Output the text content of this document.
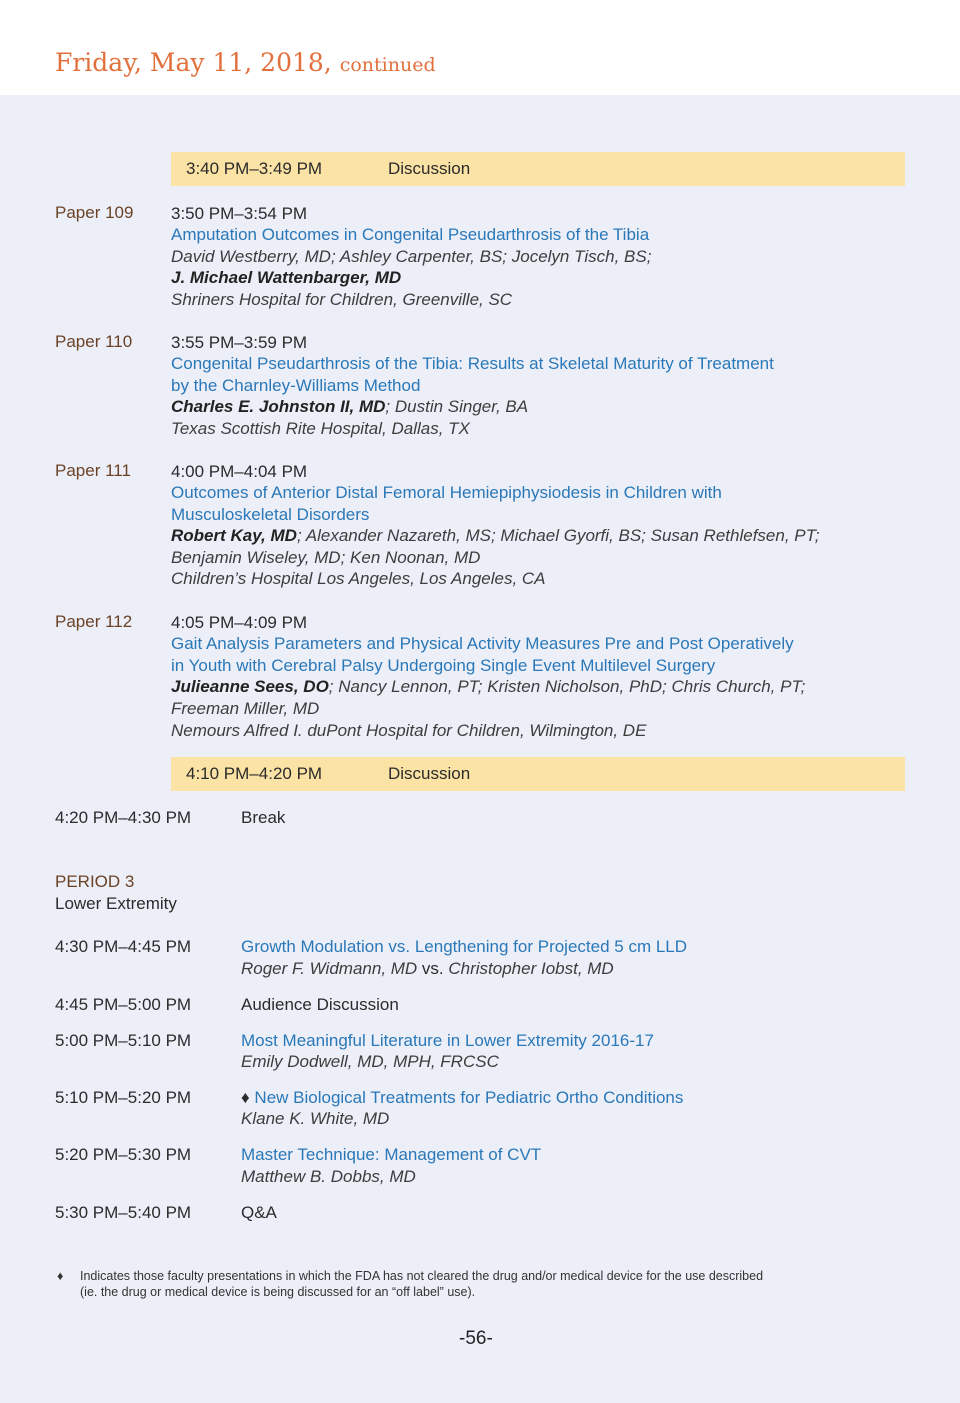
Friday, May 11, 2018, continued
3:40 PM–3:49 PM	Discussion
Paper 109 3:50 PM–3:54 PM
Amputation Outcomes in Congenital Pseudarthrosis of the Tibia
David Westberry, MD; Ashley Carpenter, BS; Jocelyn Tisch, BS;
J. Michael Wattenbarger, MD
Shriners Hospital for Children, Greenville, SC
Paper 110 3:55 PM–3:59 PM
Congenital Pseudarthrosis of the Tibia: Results at Skeletal Maturity of Treatment
by the Charnley-Williams Method
Charles E. Johnston II, MD; Dustin Singer, BA
Texas Scottish Rite Hospital, Dallas, TX
Paper 111 4:00 PM–4:04 PM
Outcomes of Anterior Distal Femoral Hemiepiphysiodesis in Children with
Musculoskeletal Disorders
Robert Kay, MD; Alexander Nazareth, MS; Michael Gyorfi, BS; Susan Rethlefsen, PT;
Benjamin Wiseley, MD; Ken Noonan, MD
Children’s Hospital Los Angeles, Los Angeles, CA
Paper 112 4:05 PM–4:09 PM
Gait Analysis Parameters and Physical Activity Measures Pre and Post Operatively
in Youth with Cerebral Palsy Undergoing Single Event Multilevel Surgery
Julieanne Sees, DO; Nancy Lennon, PT; Kristen Nicholson, PhD; Chris Church, PT;
Freeman Miller, MD
Nemours Alfred I. duPont Hospital for Children, Wilmington, DE
4:10 PM–4:20 PM	Discussion
4:20 PM–4:30 PM	Break
PERIOD 3
Lower Extremity
4:30 PM–4:45 PM	Growth Modulation vs. Lengthening for Projected 5 cm LLD
Roger F. Widmann, MD vs. Christopher Iobst, MD
4:45 PM–5:00 PM	Audience Discussion
5:00 PM–5:10 PM	Most Meaningful Literature in Lower Extremity 2016-17
Emily Dodwell, MD, MPH, FRCSC
5:10 PM–5:20 PM	♦ New Biological Treatments for Pediatric Ortho Conditions
Klane K. White, MD
5:20 PM–5:30 PM	Master Technique: Management of CVT
Matthew B. Dobbs, MD
5:30 PM–5:40 PM	Q&A
♦ Indicates those faculty presentations in which the FDA has not cleared the drug and/or medical device for the use described
(ie. the drug or medical device is being discussed for an “off label” use).
-56-
